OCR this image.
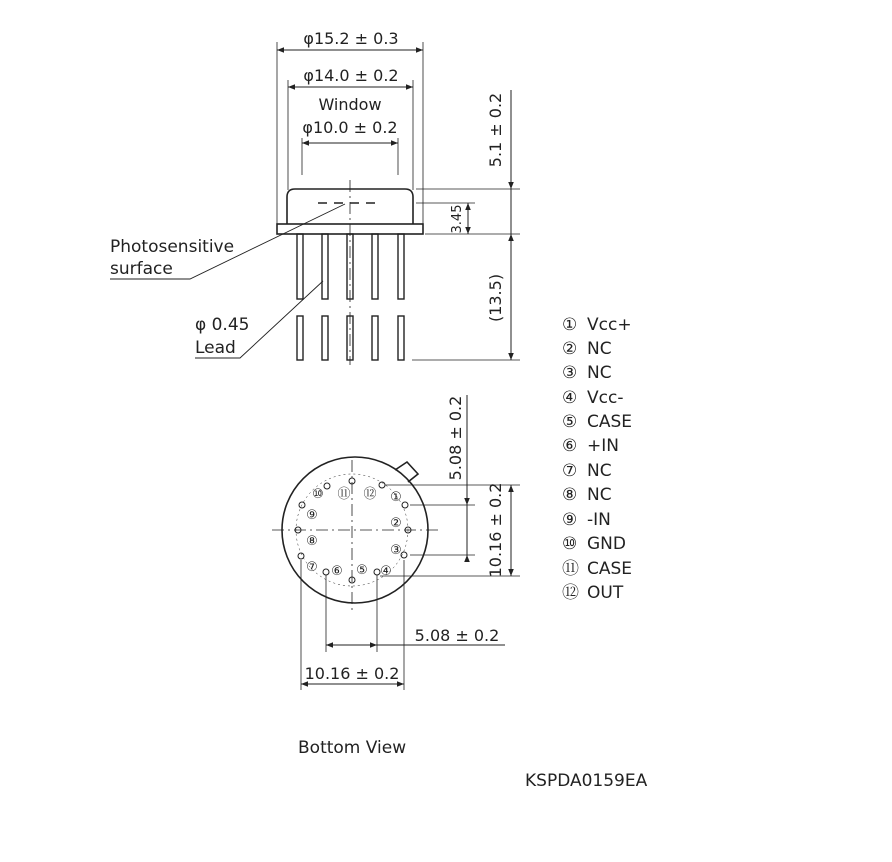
φ15.2 ± 0.3
φ14.0 ± 0.2
Window
φ10.0 ± 0.2	5.1 ± 0.2
3.45
(13.5)
Photosensitive
surface
φ 0.45
Lead
①
②
③
④
⑤
⑥
⑦
⑧
⑨
⑩ ⑪ ⑫
5.08 ± 0.2
10.16 ± 0.2
5.08 ± 0.2
10.16 ± 0.2
Bottom View
① Vcc+
② NC
③ NC
④ Vcc-
⑤ CASE
⑥ +IN
⑦ NC
⑧ NC
⑨ -IN
⑩ GND
⑪ CASE
⑫ OUT
KSPDA0159EA
